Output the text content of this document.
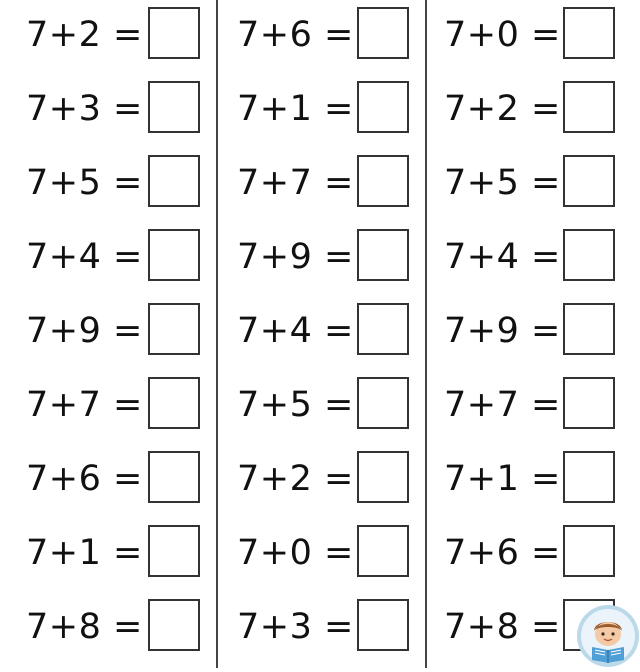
7+2 =
7+3 =
7+5 =
7+4 =
7+9 =
7+7 =
7+6 =
7+1 =
7+8 =
7+6 =
7+1 =
7+7 =
7+9 =
7+4 =
7+5 =
7+2 =
7+0 =
7+3 =
7+0 =
7+2 =
7+5 =
7+4 =
7+9 =
7+7 =
7+1 =
7+6 =
7+8 =
